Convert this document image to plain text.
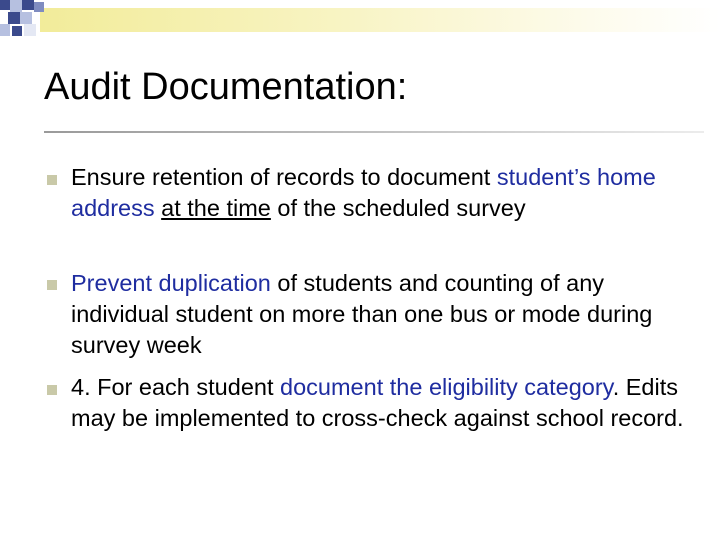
Audit Documentation:
Ensure retention of records to document student’s home address at the time of the scheduled survey
Prevent duplication of students and counting of any individual student on more than one bus or mode during survey week
4. For each student document the eligibility category. Edits may be implemented to cross-check against school record.
